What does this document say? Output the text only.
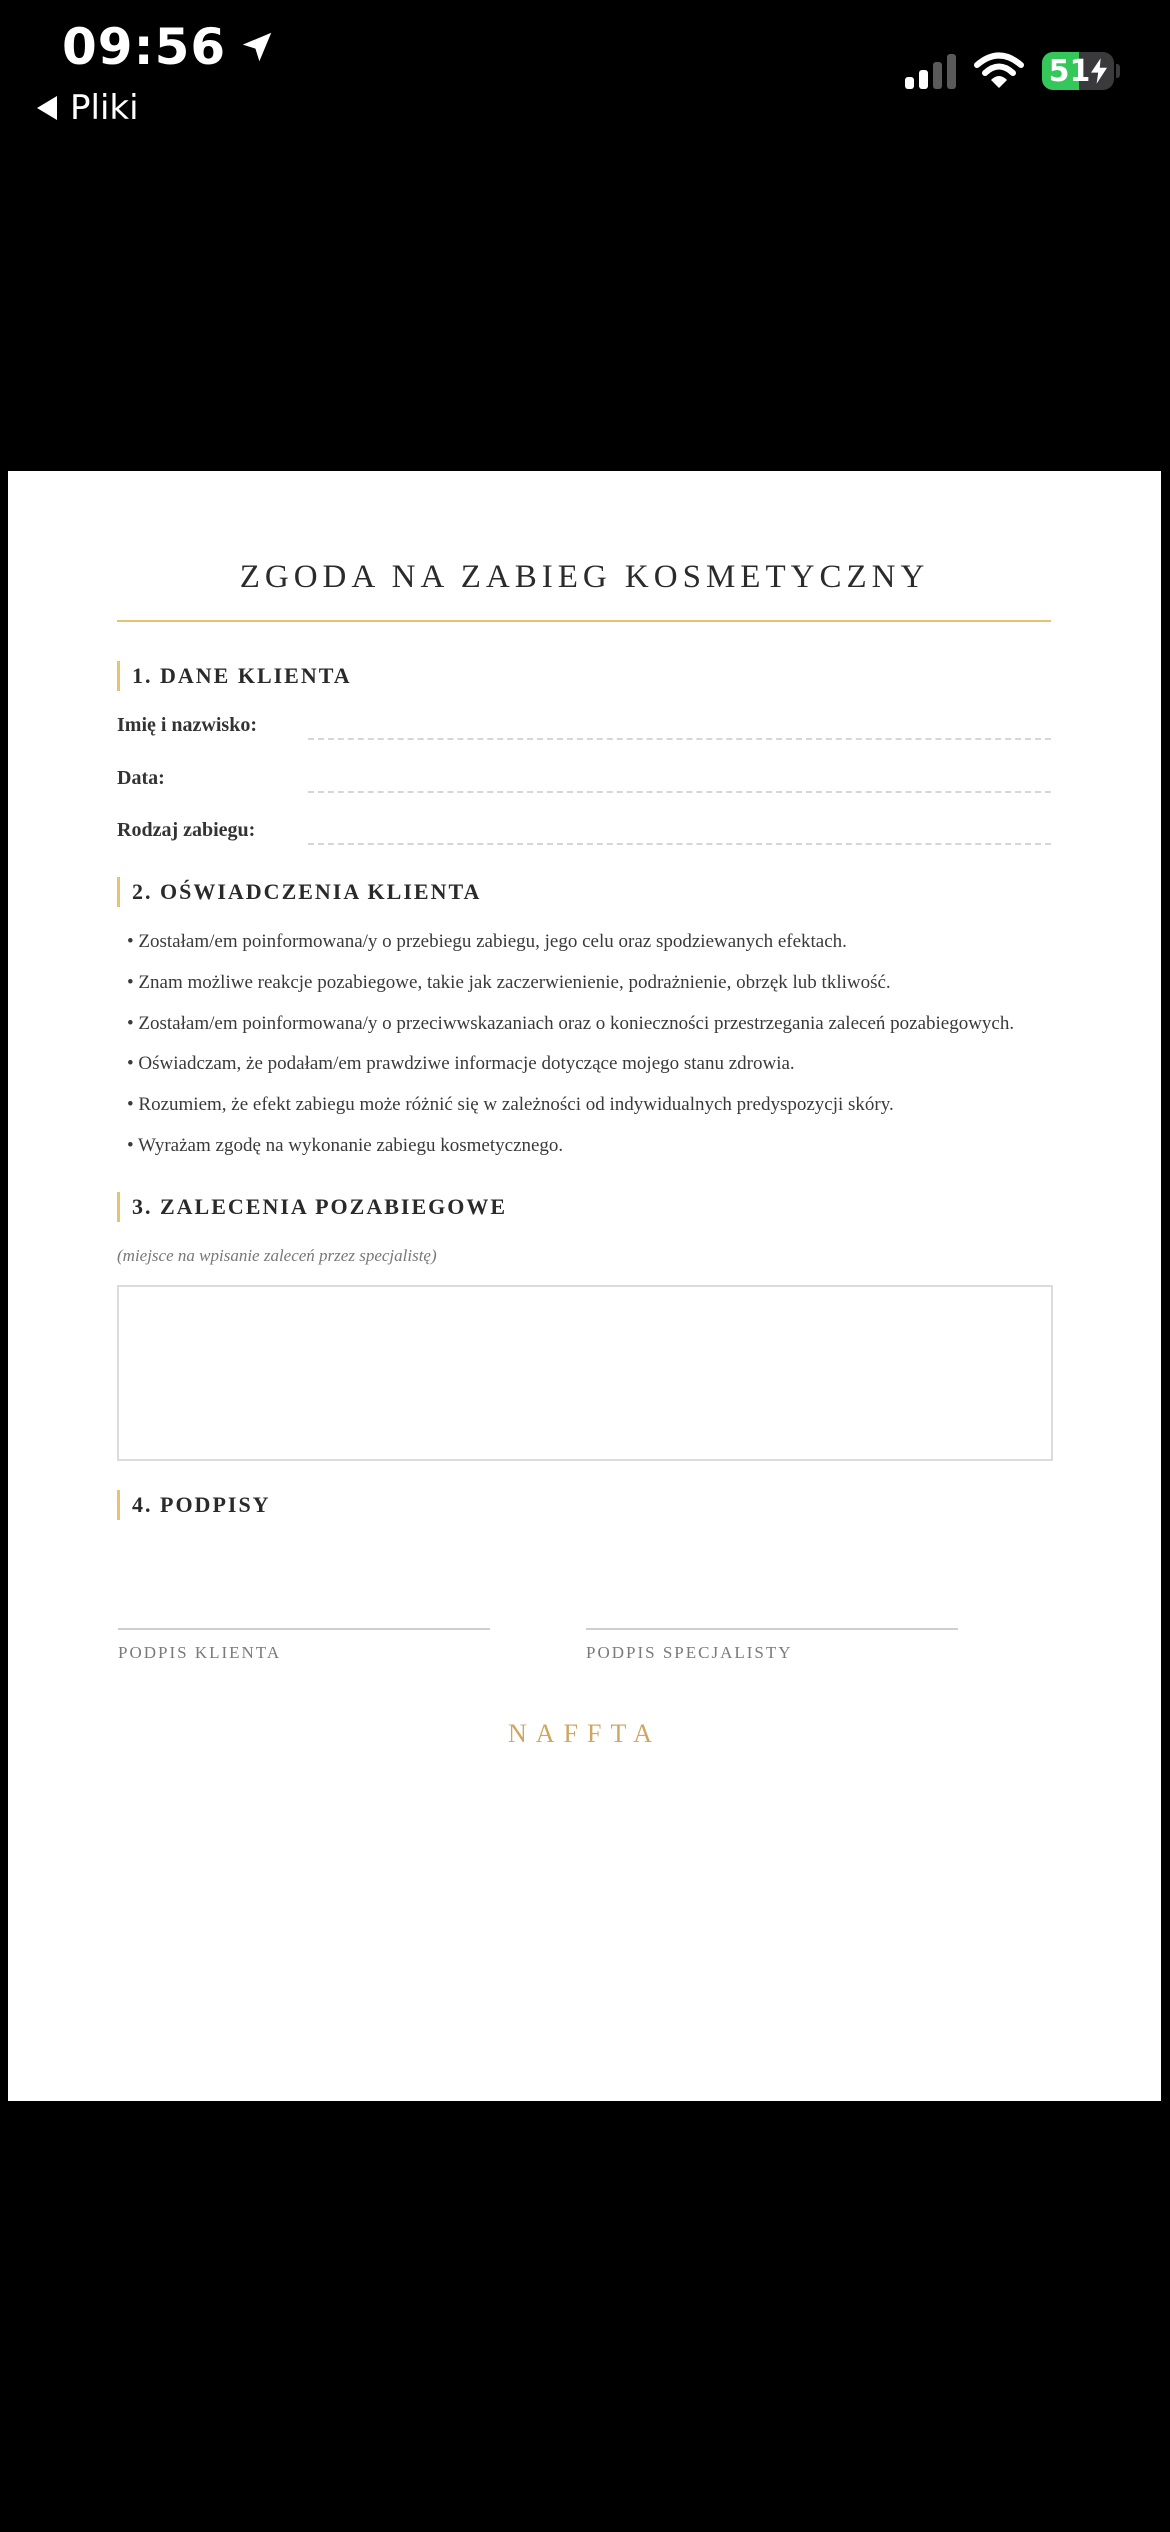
09:56
Pliki
51
ZGODA NA ZABIEG KOSMETYCZNY
1. DANE KLIENTA
Imię i nazwisko:
Data:
Rodzaj zabiegu:
2. OŚWIADCZENIA KLIENTA
• Zostałam/em poinformowana/y o przebiegu zabiegu, jego celu oraz spodziewanych efektach.
• Znam możliwe reakcje pozabiegowe, takie jak zaczerwienienie, podrażnienie, obrzęk lub tkliwość.
• Zostałam/em poinformowana/y o przeciwwskazaniach oraz o konieczności przestrzegania zaleceń pozabiegowych.
• Oświadczam, że podałam/em prawdziwe informacje dotyczące mojego stanu zdrowia.
• Rozumiem, że efekt zabiegu może różnić się w zależności od indywidualnych predyspozycji skóry.
• Wyrażam zgodę na wykonanie zabiegu kosmetycznego.
3. ZALECENIA POZABIEGOWE
(miejsce na wpisanie zaleceń przez specjalistę)
4. PODPISY
PODPIS KLIENTA	PODPIS SPECJALISTY
NAFFTA
